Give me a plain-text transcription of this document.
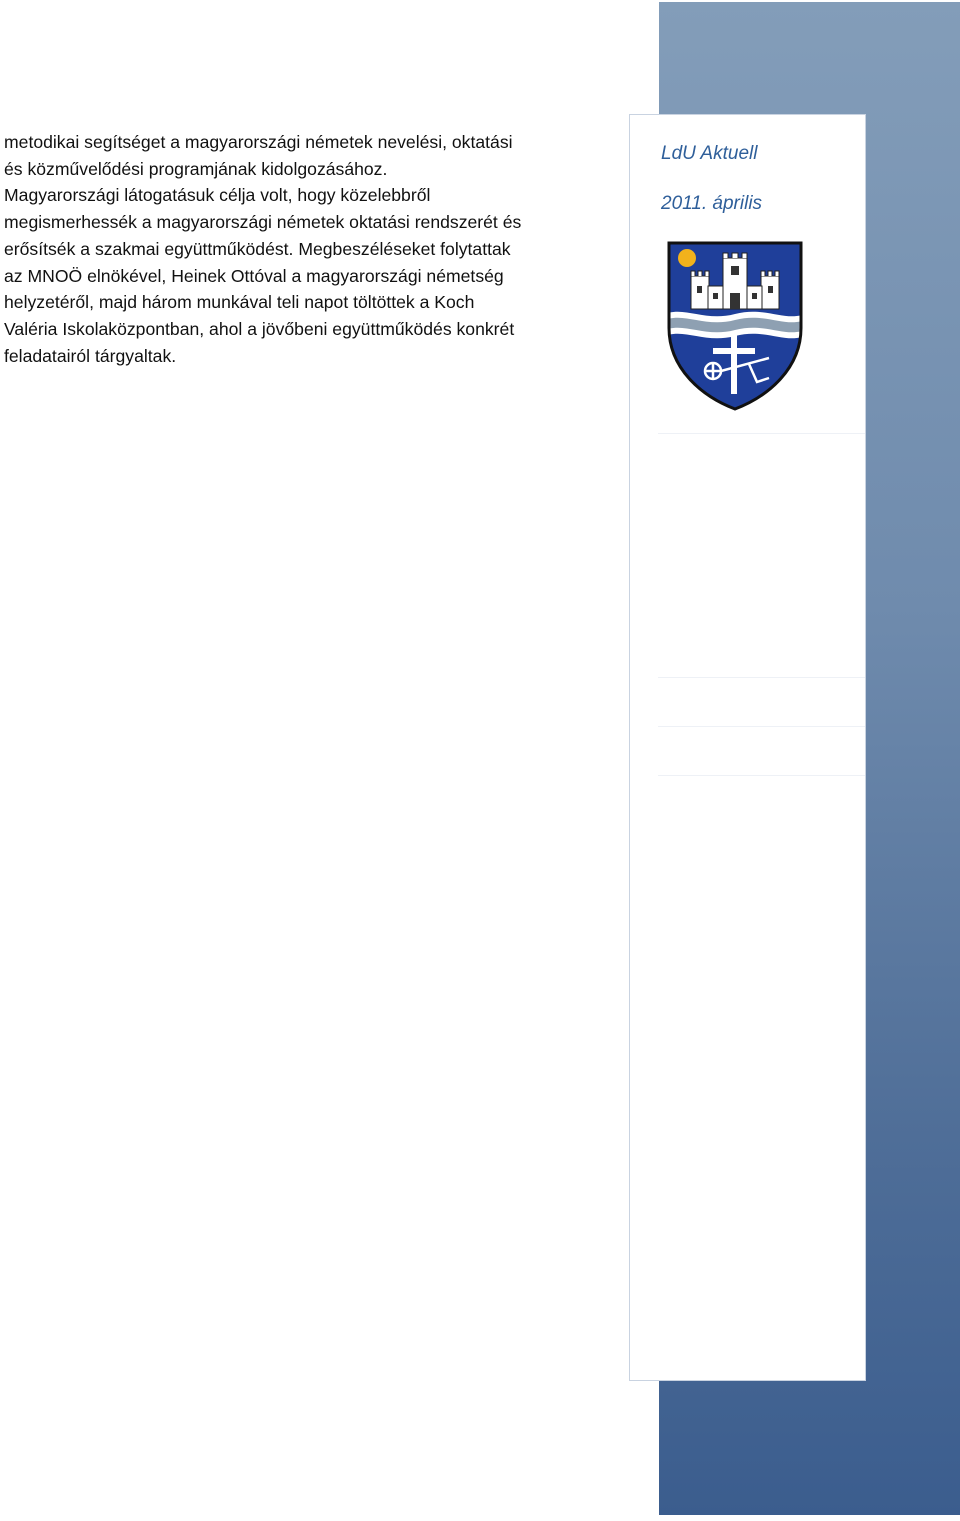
metodikai segítséget a magyarországi németek nevelési, oktatási
és közművelődési programjának kidolgozásához.
Magyarországi látogatásuk célja volt, hogy közelebbről
megismerhessék a magyarországi németek oktatási rendszerét és
erősítsék a szakmai együttműködést. Megbeszéléseket folytattak
az MNOÖ elnökével, Heinek Ottóval a magyarországi németség
helyzetéről, majd három munkával teli napot töltöttek a Koch
Valéria Iskolaközpontban, ahol a jövőbeni együttműködés konkrét
feladatairól tárgyaltak.
LdU Aktuell
2011. április
